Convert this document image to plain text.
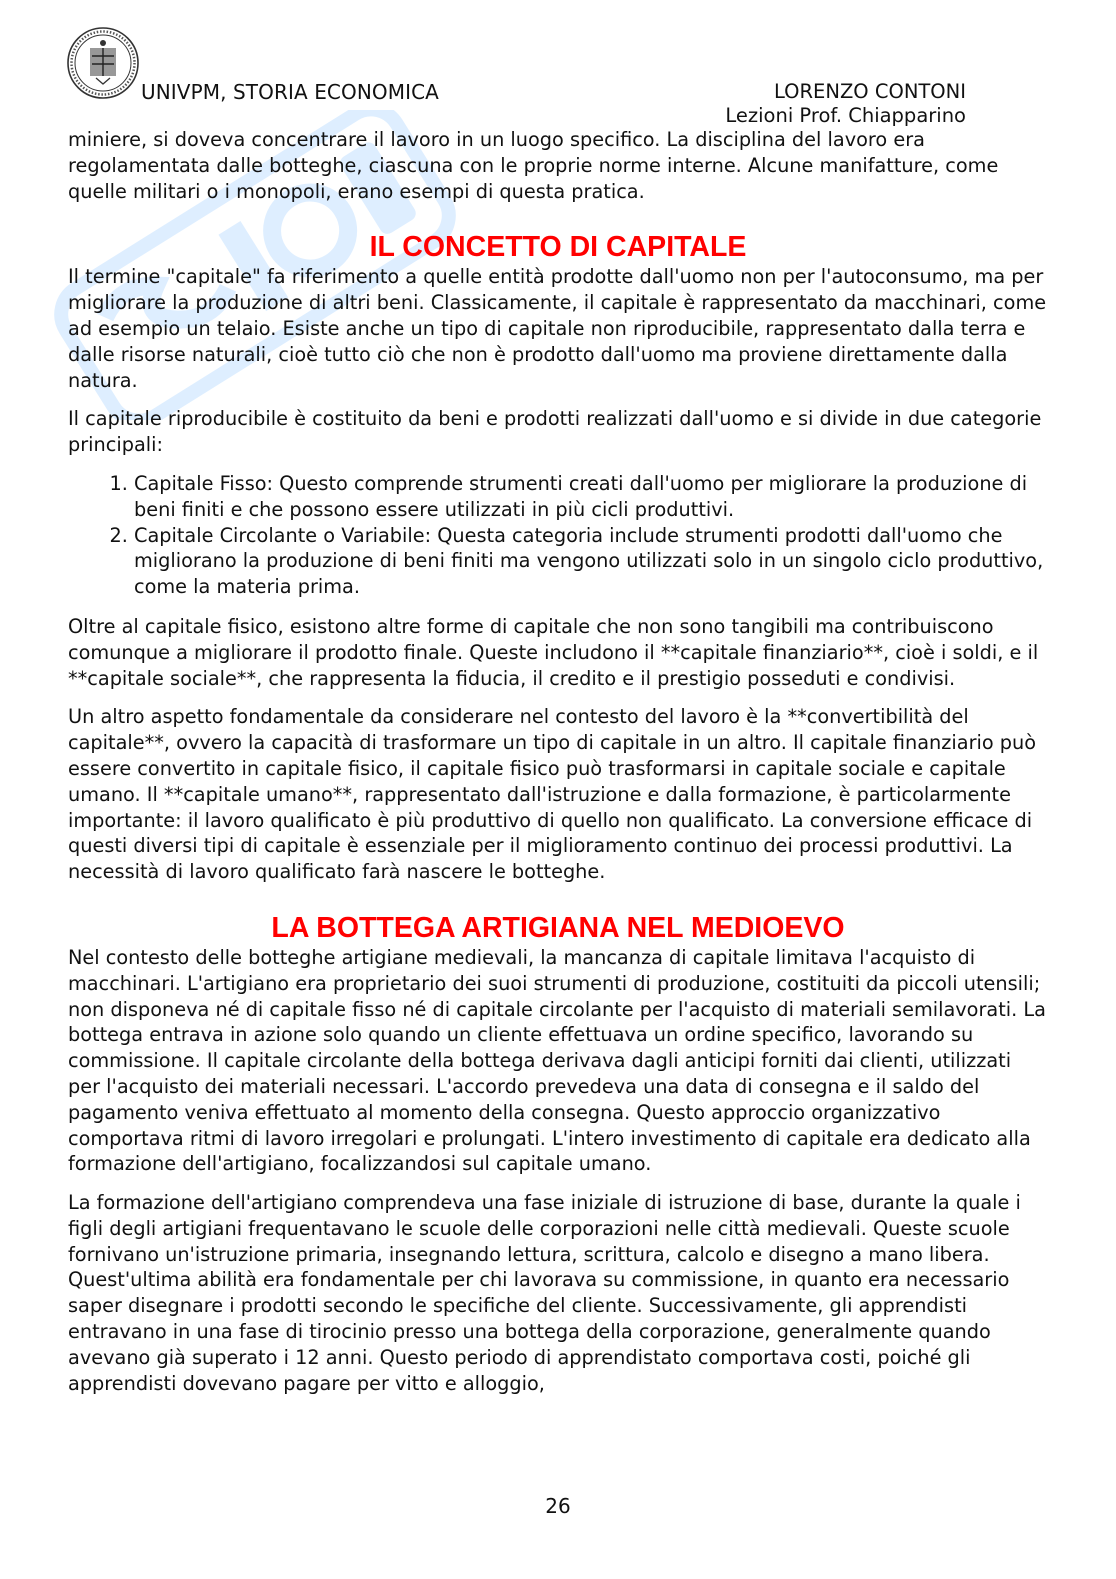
UNIVPM, STORIA ECONOMICA	LORENZO CONTONI
Lezioni Prof. Chiapparino

miniere, si doveva concentrare il lavoro in un luogo specifico. La disciplina del lavoro era regolamentata dalle botteghe, ciascuna con le proprie norme interne. Alcune manifatture, come quelle militari o i monopoli, erano esempi di questa pratica.

IL CONCETTO DI CAPITALE

Il termine "capitale" fa riferimento a quelle entità prodotte dall'uomo non per l'autoconsumo, ma per migliorare la produzione di altri beni. Classicamente, il capitale è rappresentato da macchinari, come ad esempio un telaio. Esiste anche un tipo di capitale non riproducibile, rappresentato dalla terra e dalle risorse naturali, cioè tutto ciò che non è prodotto dall'uomo ma proviene direttamente dalla natura.

Il capitale riproducibile è costituito da beni e prodotti realizzati dall'uomo e si divide in due categorie principali:

1. Capitale Fisso: Questo comprende strumenti creati dall'uomo per migliorare la produzione di beni finiti e che possono essere utilizzati in più cicli produttivi.
2. Capitale Circolante o Variabile: Questa categoria include strumenti prodotti dall'uomo che migliorano la produzione di beni finiti ma vengono utilizzati solo in un singolo ciclo produttivo, come la materia prima.

Oltre al capitale fisico, esistono altre forme di capitale che non sono tangibili ma contribuiscono comunque a migliorare il prodotto finale. Queste includono il **capitale finanziario**, cioè i soldi, e il **capitale sociale**, che rappresenta la fiducia, il credito e il prestigio posseduti e condivisi.

Un altro aspetto fondamentale da considerare nel contesto del lavoro è la **convertibilità del capitale**, ovvero la capacità di trasformare un tipo di capitale in un altro. Il capitale finanziario può essere convertito in capitale fisico, il capitale fisico può trasformarsi in capitale sociale e capitale umano. Il **capitale umano**, rappresentato dall'istruzione e dalla formazione, è particolarmente importante: il lavoro qualificato è più produttivo di quello non qualificato. La conversione efficace di questi diversi tipi di capitale è essenziale per il miglioramento continuo dei processi produttivi. La necessità di lavoro qualificato farà nascere le botteghe.

LA BOTTEGA ARTIGIANA NEL MEDIOEVO

Nel contesto delle botteghe artigiane medievali, la mancanza di capitale limitava l'acquisto di macchinari. L'artigiano era proprietario dei suoi strumenti di produzione, costituiti da piccoli utensili; non disponeva né di capitale fisso né di capitale circolante per l'acquisto di materiali semilavorati. La bottega entrava in azione solo quando un cliente effettuava un ordine specifico, lavorando su commissione. Il capitale circolante della bottega derivava dagli anticipi forniti dai clienti, utilizzati per l'acquisto dei materiali necessari. L'accordo prevedeva una data di consegna e il saldo del pagamento veniva effettuato al momento della consegna. Questo approccio organizzativo comportava ritmi di lavoro irregolari e prolungati. L'intero investimento di capitale era dedicato alla formazione dell'artigiano, focalizzandosi sul capitale umano.

La formazione dell'artigiano comprendeva una fase iniziale di istruzione di base, durante la quale i figli degli artigiani frequentavano le scuole delle corporazioni nelle città medievali. Queste scuole fornivano un'istruzione primaria, insegnando lettura, scrittura, calcolo e disegno a mano libera. Quest'ultima abilità era fondamentale per chi lavorava su commissione, in quanto era necessario saper disegnare i prodotti secondo le specifiche del cliente. Successivamente, gli apprendisti entravano in una fase di tirocinio presso una bottega della corporazione, generalmente quando avevano già superato i 12 anni. Questo periodo di apprendistato comportava costi, poiché gli apprendisti dovevano pagare per vitto e alloggio,

26
